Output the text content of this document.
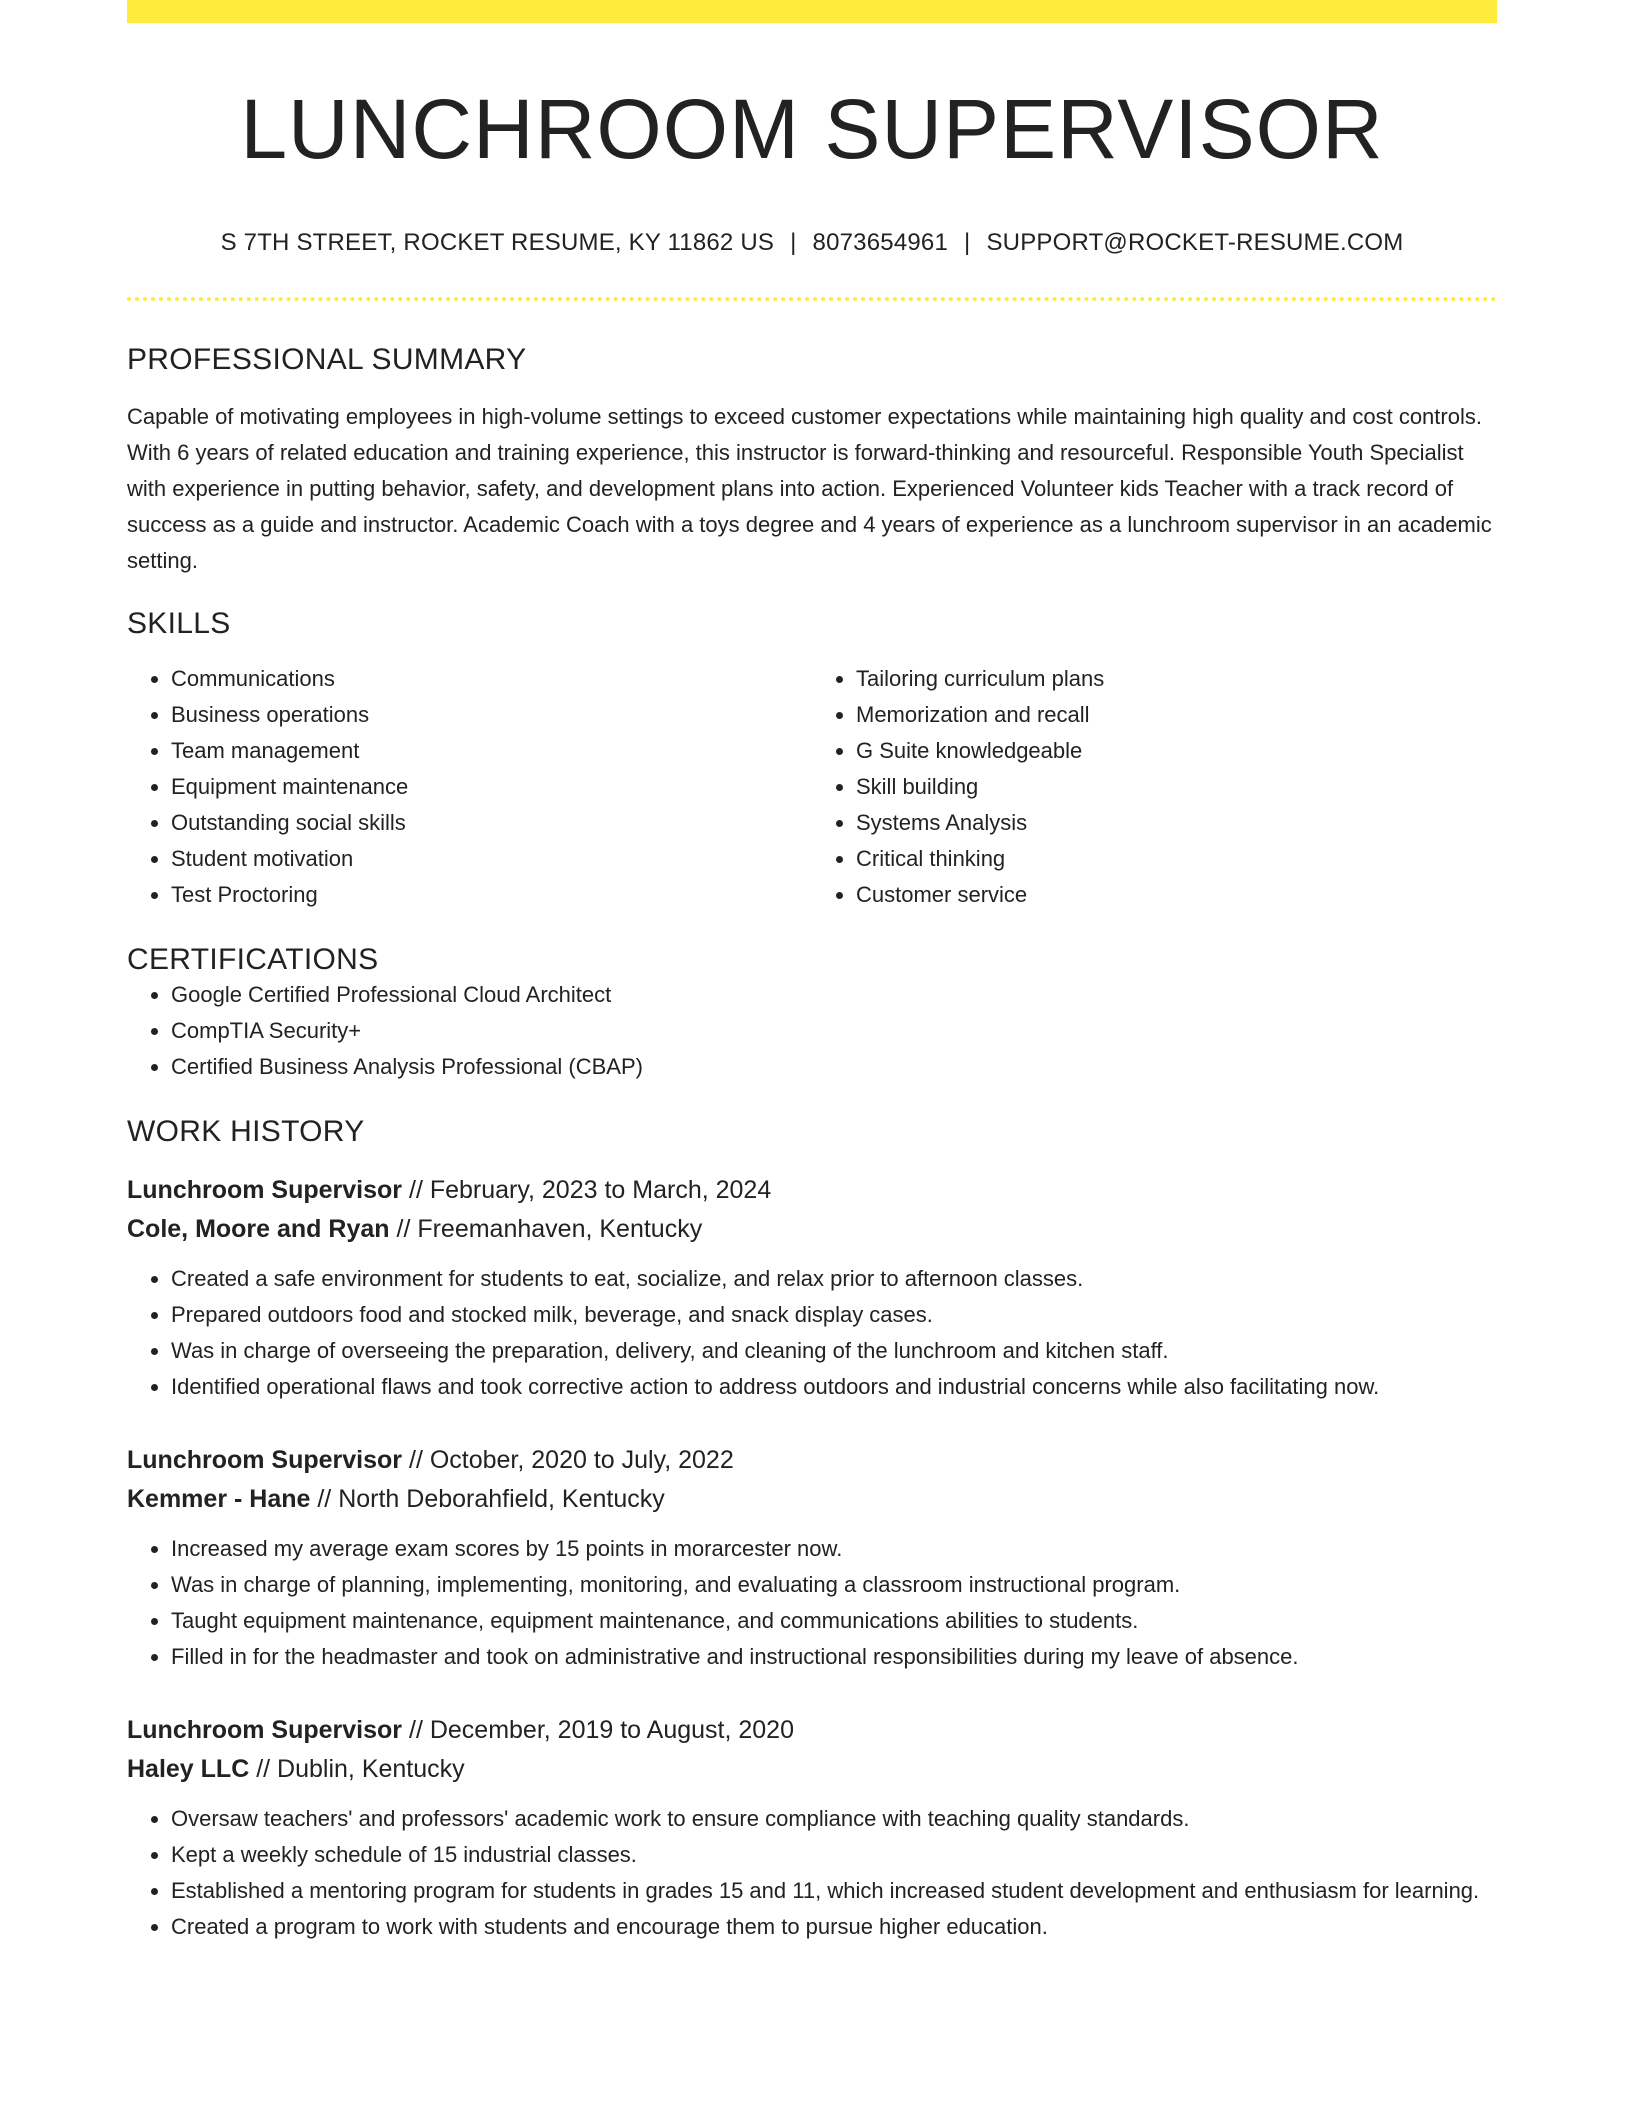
LUNCHROOM SUPERVISOR
S 7TH STREET, ROCKET RESUME, KY 11862 US | 8073654961 | SUPPORT@ROCKET-RESUME.COM
PROFESSIONAL SUMMARY
Capable of motivating employees in high-volume settings to exceed customer expectations while maintaining high quality and cost controls. With 6 years of related education and training experience, this instructor is forward-thinking and resourceful. Responsible Youth Specialist with experience in putting behavior, safety, and development plans into action. Experienced Volunteer kids Teacher with a track record of success as a guide and instructor. Academic Coach with a toys degree and 4 years of experience as a lunchroom supervisor in an academic setting.
SKILLS
• Communications
• Business operations
• Team management
• Equipment maintenance
• Outstanding social skills
• Student motivation
• Test Proctoring
• Tailoring curriculum plans
• Memorization and recall
• G Suite knowledgeable
• Skill building
• Systems Analysis
• Critical thinking
• Customer service
CERTIFICATIONS
• Google Certified Professional Cloud Architect
• CompTIA Security+
• Certified Business Analysis Professional (CBAP)
WORK HISTORY
Lunchroom Supervisor // February, 2023 to March, 2024
Cole, Moore and Ryan // Freemanhaven, Kentucky
• Created a safe environment for students to eat, socialize, and relax prior to afternoon classes.
• Prepared outdoors food and stocked milk, beverage, and snack display cases.
• Was in charge of overseeing the preparation, delivery, and cleaning of the lunchroom and kitchen staff.
• Identified operational flaws and took corrective action to address outdoors and industrial concerns while also facilitating now.
Lunchroom Supervisor // October, 2020 to July, 2022
Kemmer - Hane // North Deborahfield, Kentucky
• Increased my average exam scores by 15 points in morarcester now.
• Was in charge of planning, implementing, monitoring, and evaluating a classroom instructional program.
• Taught equipment maintenance, equipment maintenance, and communications abilities to students.
• Filled in for the headmaster and took on administrative and instructional responsibilities during my leave of absence.
Lunchroom Supervisor // December, 2019 to August, 2020
Haley LLC // Dublin, Kentucky
• Oversaw teachers' and professors' academic work to ensure compliance with teaching quality standards.
• Kept a weekly schedule of 15 industrial classes.
• Established a mentoring program for students in grades 15 and 11, which increased student development and enthusiasm for learning.
• Created a program to work with students and encourage them to pursue higher education.
